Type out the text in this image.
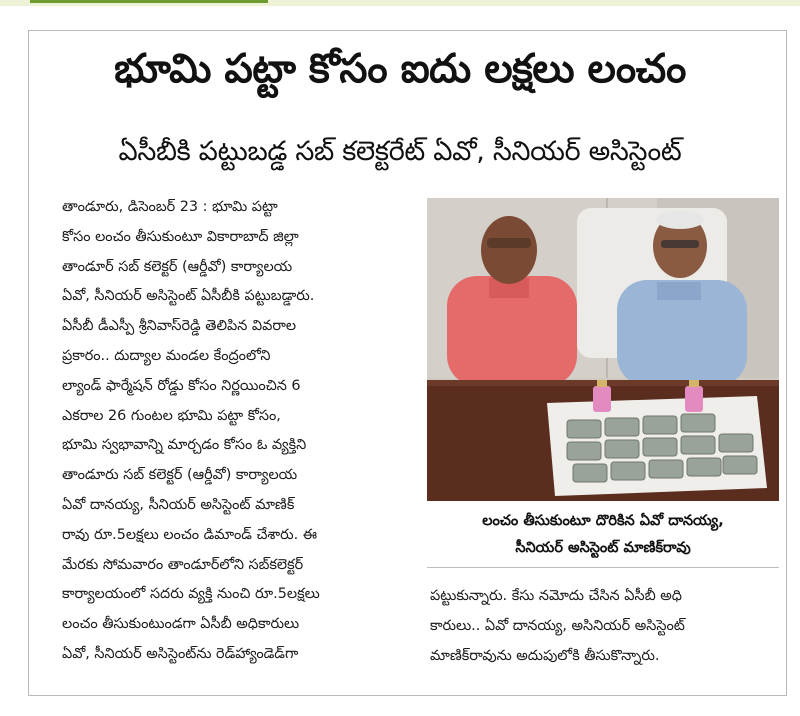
భూమి పట్టా కోసం ఐదు లక్షలు లంచం
ఏసీబీకి పట్టుబడ్డ సబ్ కలెక్టరేట్ ఏవో, సీనియర్ అసిస్టెంట్
తాండూరు, డిసెంబర్ 23 : భూమి పట్టా
కోసం లంచం తీసుకుంటూ వికారాబాద్ జిల్లా
తాండూర్ సబ్ కలెక్టర్ (ఆర్డీవో) కార్యాలయ
ఏవో, సీనియర్ అసిస్టెంట్ ఏసీబీకి పట్టుబడ్డారు.
ఏసీబీ డీఎస్పీ శ్రీనివాస్‌రెడ్డి తెలిపిన వివరాల
ప్రకారం.. దుద్యాల మండల కేంద్రంలోని
ల్యాండ్ ఫార్మేషన్ రోడ్డు కోసం నిర్ణయించిన 6
ఎకరాల 26 గుంటల భూమి పట్టా కోసం,
భూమి స్వభావాన్ని మార్చడం కోసం ఓ వ్యక్తిని
తాండూరు సబ్ కలెక్టర్ (ఆర్డీవో) కార్యాలయ
ఏవో దానయ్య, సీనియర్ అసిస్టెంట్ మాణిక్
రావు రూ.5లక్షలు లంచం డిమాండ్ చేశారు. ఈ
మేరకు సోమవారం తాండూర్‌లోని సబ్‌కలెక్టర్
కార్యాలయంలో సదరు వ్యక్తి నుంచి రూ.5లక్షలు
లంచం తీసుకుంటుండగా ఏసీబీ అధికారులు
ఏవో, సీనియర్ అసిస్టెంట్‌ను రెడ్‌హ్యాండెడ్‌గా
లంచం తీసుకుంటూ దొరికిన ఏవో దానయ్య,
సీనియర్ అసిస్టెంట్ మాణిక్‌రావు
పట్టుకున్నారు. కేసు నమోదు చేసిన ఏసీబీ అధి
కారులు.. ఏవో దానయ్య, అసినియర్ అసిస్టెంట్
మాణిక్‌రావును అదుపులోకి తీసుకొన్నారు.
